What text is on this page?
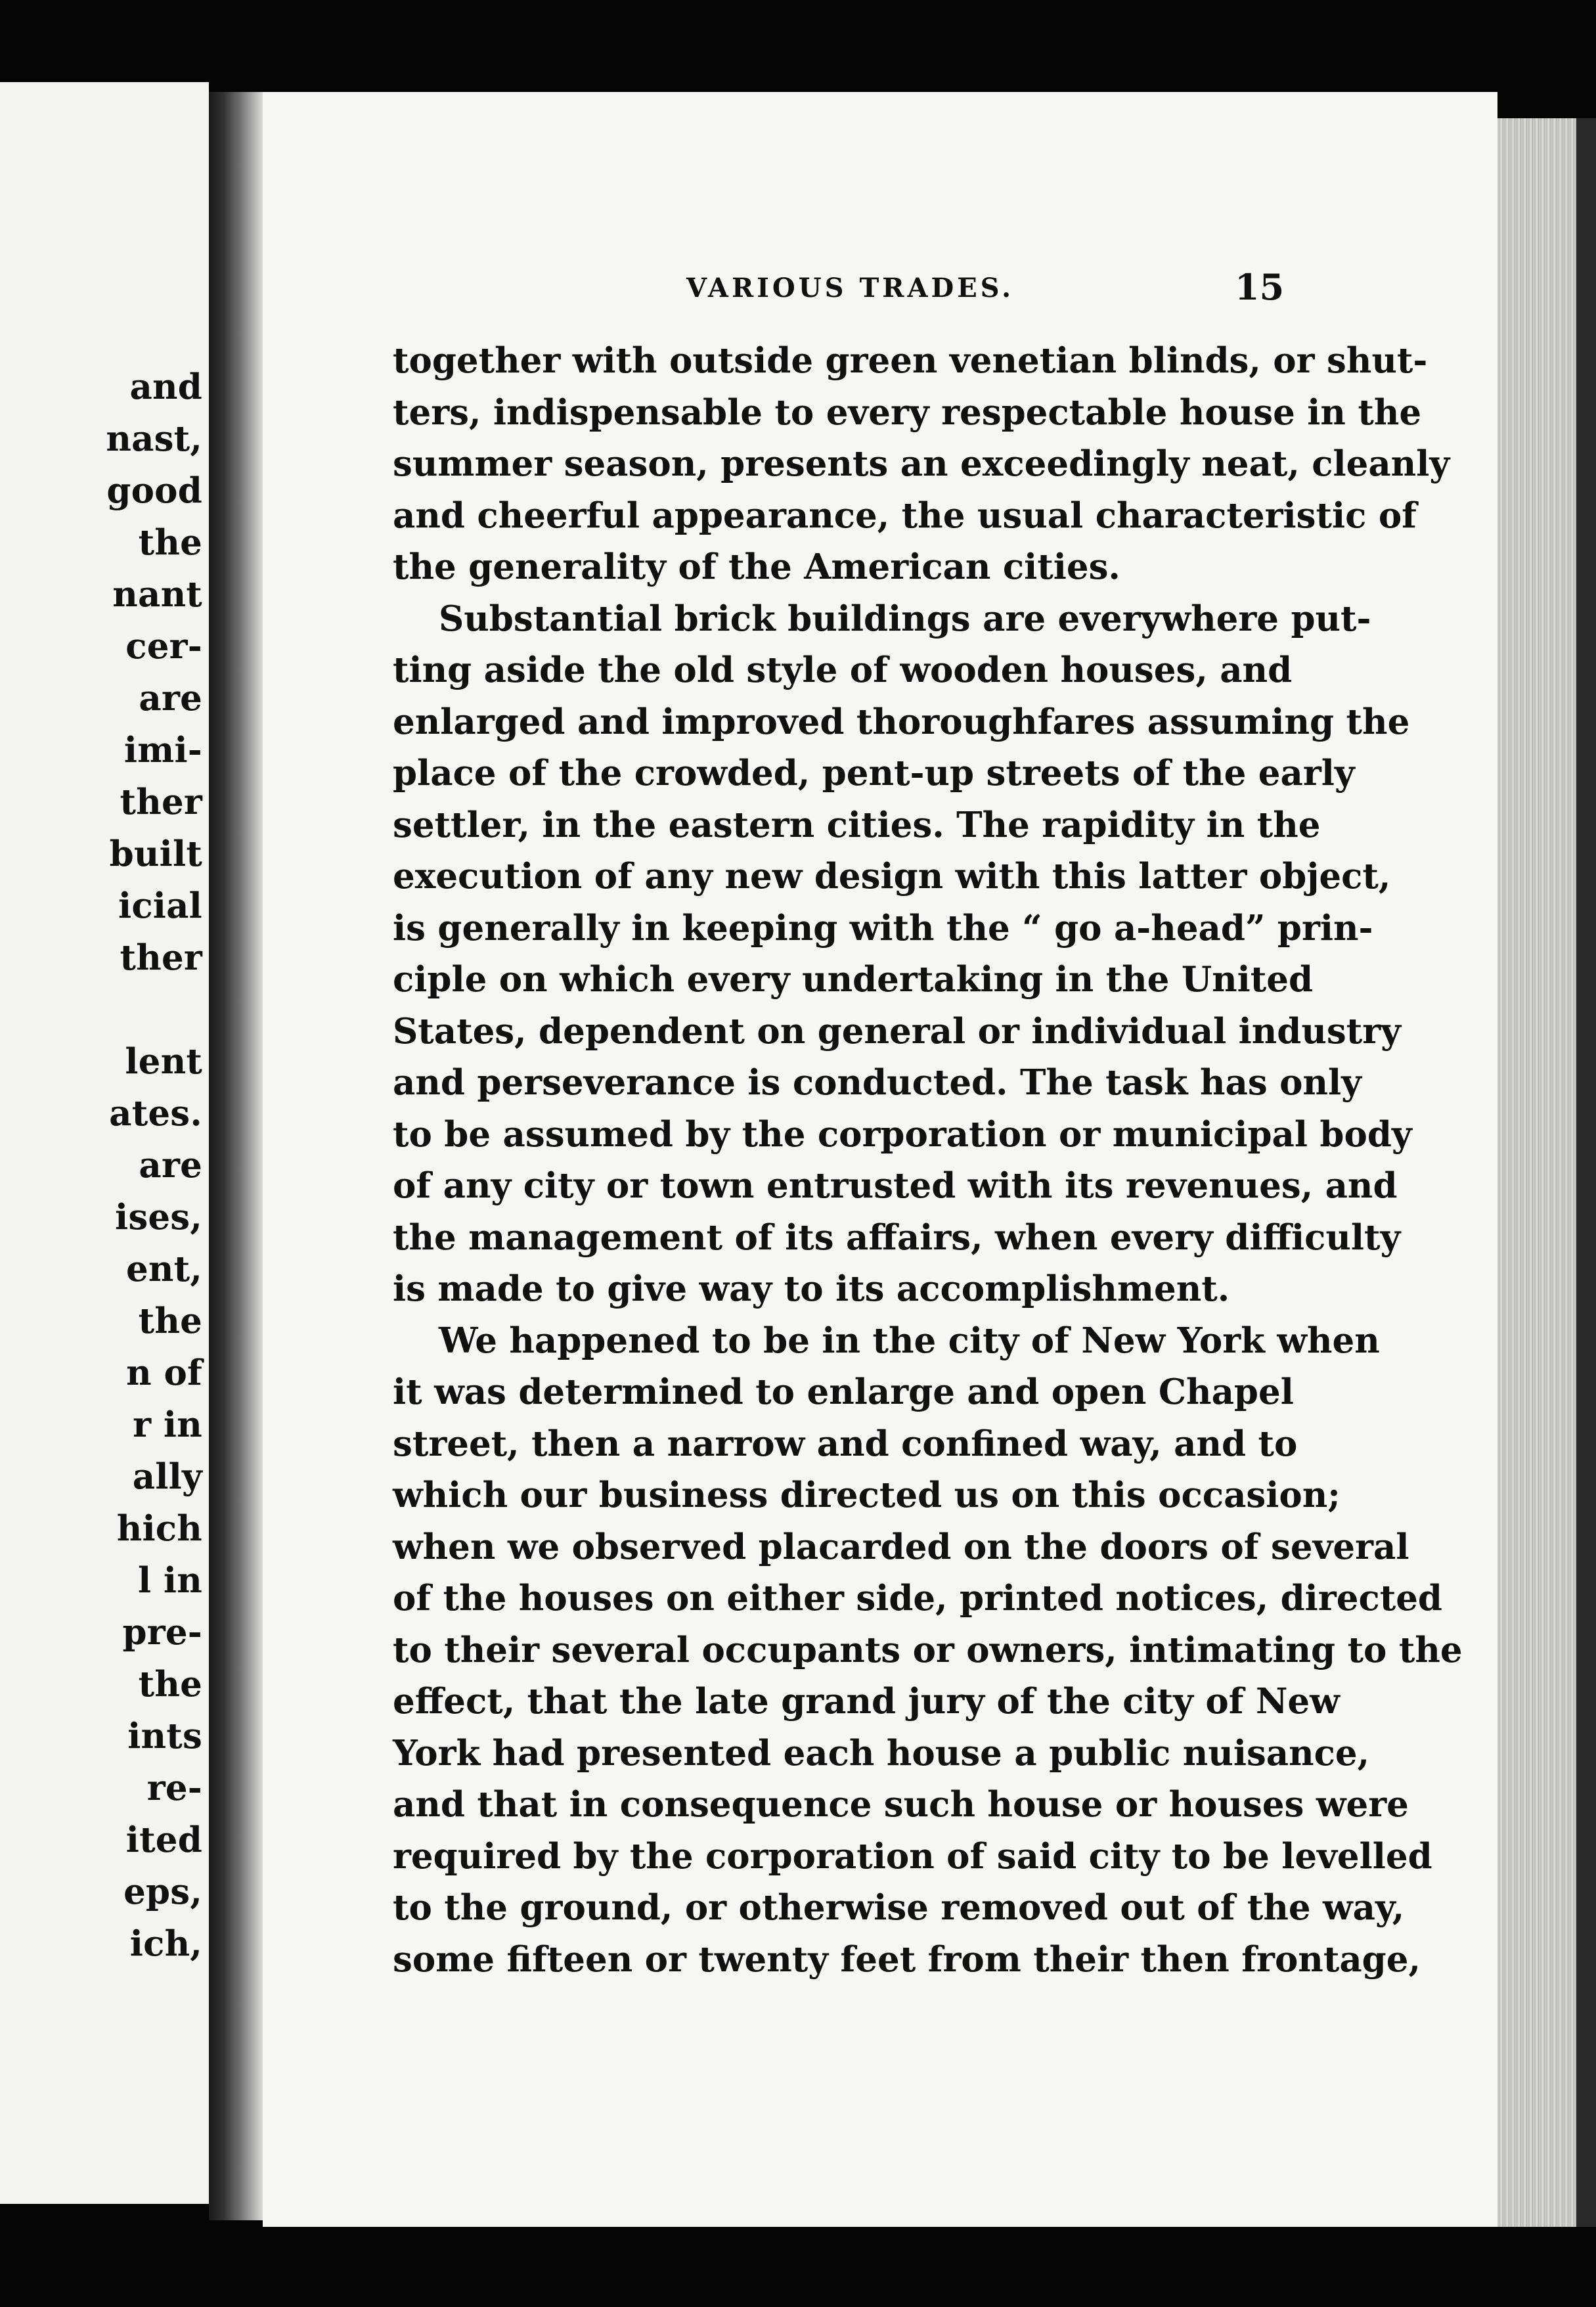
and
nast,
good
the
nant
cer-
are
imi-
ther
built
icial
ther
lent
ates.
are
ises,
ent,
the
n of
r in
ally
hich
l in
pre-
the
ints
re-
ited
eps,
ich,
VARIOUS TRADES.	15
together with outside green venetian blinds, or shut-
ters, indispensable to every respectable house in the
summer season, presents an exceedingly neat, cleanly
and cheerful appearance, the usual characteristic of
the generality of the American cities.
Substantial brick buildings are everywhere put-
ting aside the old style of wooden houses, and
enlarged and improved thoroughfares assuming the
place of the crowded, pent-up streets of the early
settler, in the eastern cities. The rapidity in the
execution of any new design with this latter object,
is generally in keeping with the “ go a-head” prin-
ciple on which every undertaking in the United
States, dependent on general or individual industry
and perseverance is conducted. The task has only
to be assumed by the corporation or municipal body
of any city or town entrusted with its revenues, and
the management of its affairs, when every difficulty
is made to give way to its accomplishment.
We happened to be in the city of New York when
it was determined to enlarge and open Chapel
street, then a narrow and confined way, and to
which our business directed us on this occasion;
when we observed placarded on the doors of several
of the houses on either side, printed notices, directed
to their several occupants or owners, intimating to the
effect, that the late grand jury of the city of New
York had presented each house a public nuisance,
and that in consequence such house or houses were
required by the corporation of said city to be levelled
to the ground, or otherwise removed out of the way,
some fifteen or twenty feet from their then frontage,
